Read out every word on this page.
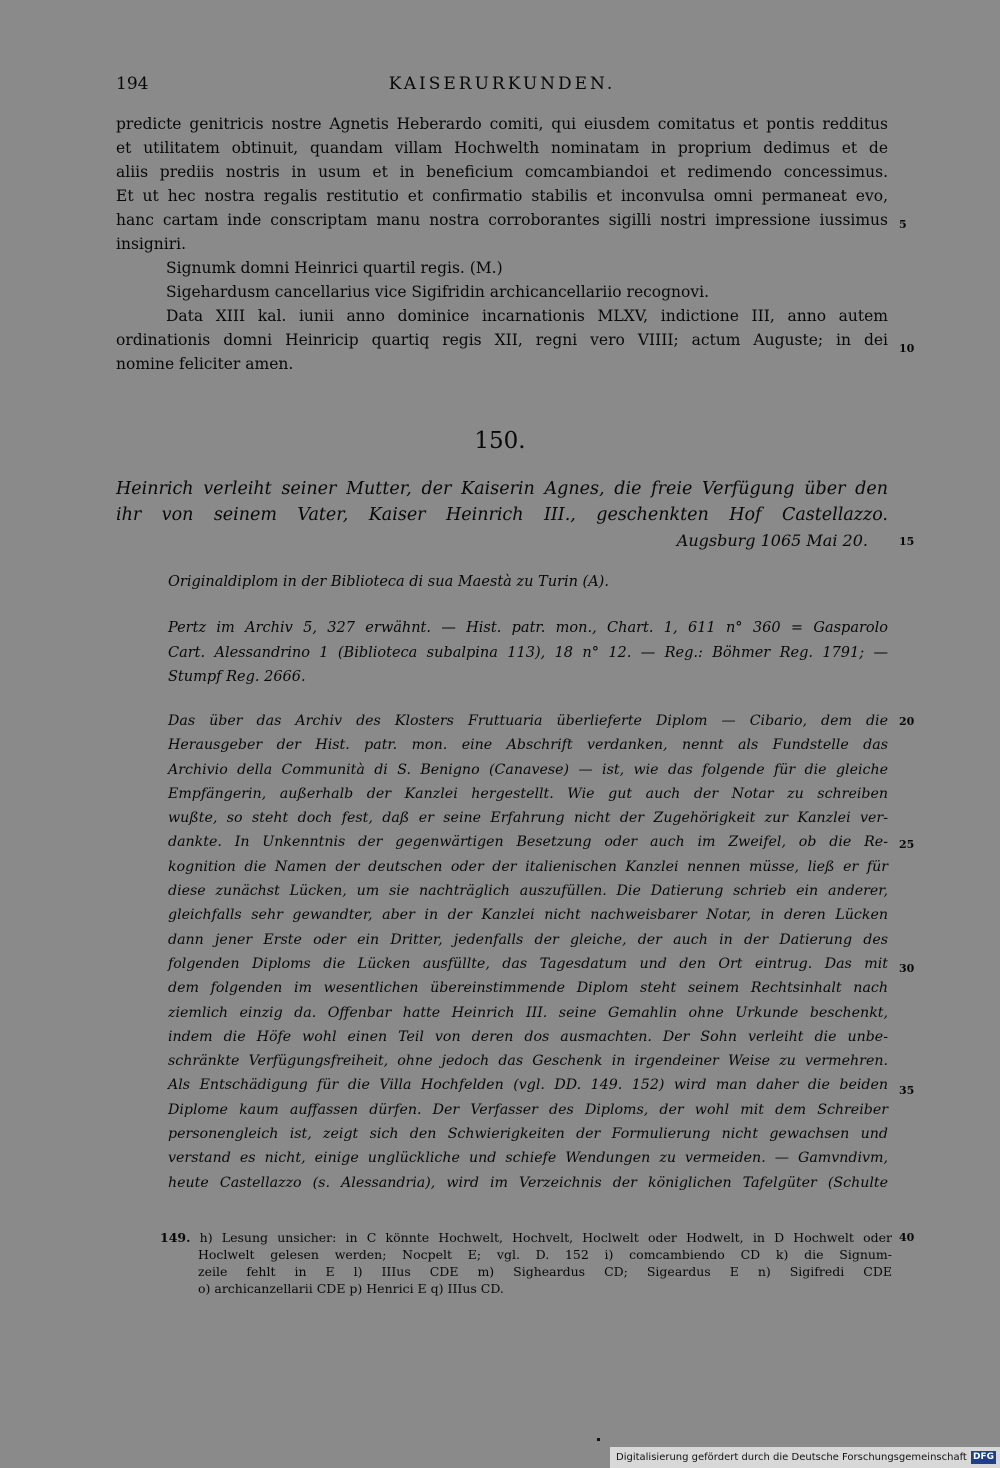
194	KAISERURKUNDEN.
predicte genitricis nostre Agnetis Heberardo comiti, qui eiusdem comitatus et pontis redditus
et utilitatem obtinuit, quandam villam Hochwelth nominatam in proprium dedimus et de
aliis prediis nostris in usum et in beneficium comcambiandoi et redimendo concessimus.
Et ut hec nostra regalis restitutio et confirmatio stabilis et inconvulsa omni permaneat evo,
hanc cartam inde conscriptam manu nostra corroborantes sigilli nostri impressione iussimus
insigniri.
Signumk domni Heinrici quartil regis. (M.)
Sigehardusm cancellarius vice Sigifridin archicancellariio recognovi.
Data XIII kal. iunii anno dominice incarnationis MLXV, indictione III, anno autem
ordinationis domni Heinricip quartiq regis XII, regni vero VIIII; actum Auguste; in dei
nomine feliciter amen.
150.
Heinrich verleiht seiner Mutter, der Kaiserin Agnes, die freie Verfügung über den
ihr von seinem Vater, Kaiser Heinrich III., geschenkten Hof Castellazzo.
Augsburg 1065 Mai 20.
Originaldiplom in der Biblioteca di sua Maestà zu Turin (A).
Pertz im Archiv 5, 327 erwähnt. — Hist. patr. mon., Chart. 1, 611 n° 360 = Gasparolo
Cart. Alessandrino 1 (Biblioteca subalpina 113), 18 n° 12. — Reg.: Böhmer Reg. 1791; —
Stumpf Reg. 2666.
Das über das Archiv des Klosters Fruttuaria überlieferte Diplom — Cibario, dem die
Herausgeber der Hist. patr. mon. eine Abschrift verdanken, nennt als Fundstelle das
Archivio della Communità di S. Benigno (Canavese) — ist, wie das folgende für die gleiche
Empfängerin, außerhalb der Kanzlei hergestellt. Wie gut auch der Notar zu schreiben
wußte, so steht doch fest, daß er seine Erfahrung nicht der Zugehörigkeit zur Kanzlei ver-
dankte. In Unkenntnis der gegenwärtigen Besetzung oder auch im Zweifel, ob die Re-
kognition die Namen der deutschen oder der italienischen Kanzlei nennen müsse, ließ er für
diese zunächst Lücken, um sie nachträglich auszufüllen. Die Datierung schrieb ein anderer,
gleichfalls sehr gewandter, aber in der Kanzlei nicht nachweisbarer Notar, in deren Lücken
dann jener Erste oder ein Dritter, jedenfalls der gleiche, der auch in der Datierung des
folgenden Diploms die Lücken ausfüllte, das Tagesdatum und den Ort eintrug. Das mit
dem folgenden im wesentlichen übereinstimmende Diplom steht seinem Rechtsinhalt nach
ziemlich einzig da. Offenbar hatte Heinrich III. seine Gemahlin ohne Urkunde beschenkt,
indem die Höfe wohl einen Teil von deren dos ausmachten. Der Sohn verleiht die unbe-
schränkte Verfügungsfreiheit, ohne jedoch das Geschenk in irgendeiner Weise zu vermehren.
Als Entschädigung für die Villa Hochfelden (vgl. DD. 149. 152) wird man daher die beiden
Diplome kaum auffassen dürfen. Der Verfasser des Diploms, der wohl mit dem Schreiber
personengleich ist, zeigt sich den Schwierigkeiten der Formulierung nicht gewachsen und
verstand es nicht, einige unglückliche und schiefe Wendungen zu vermeiden. — Gamvndivm,
heute Castellazzo (s. Alessandria), wird im Verzeichnis der königlichen Tafelgüter (Schulte
149. h) Lesung unsicher: in C könnte Hochwelt, Hochvelt, Hoclwelt oder Hodwelt, in D Hochwelt oder
Hoclwelt gelesen werden; Nocpelt E; vgl. D. 152 i) comcambiendo CD k) die Signum-
zeile fehlt in E l) IIIus CDE m) Sigheardus CD; Sigeardus E n) Sigifredi CDE
o) archicanzellarii CDE p) Henrici E q) IIIus CD.
5
10
15
20
25
30
35
40
Digitalisierung gefördert durch die Deutsche Forschungsgemeinschaft DFG
